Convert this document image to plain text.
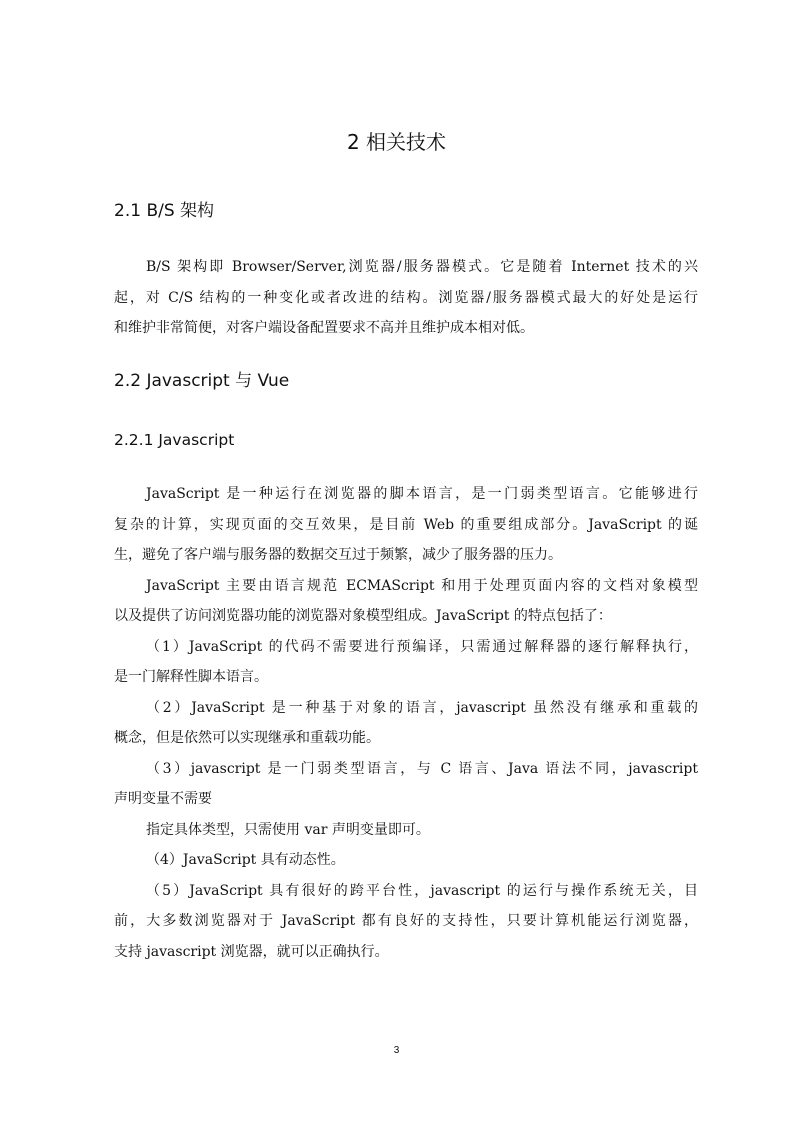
2 相关技术
2.1 B/S 架构
B/S 架构即 Browser/Server,浏览器/服务器模式。它是随着 Internet 技术的兴
起，对 C/S 结构的一种变化或者改进的结构。浏览器/服务器模式最大的好处是运行
和维护非常简便，对客户端设备配置要求不高并且维护成本相对低。
2.2 Javascript 与 Vue
2.2.1 Javascript
JavaScript 是一种运行在浏览器的脚本语言，是一门弱类型语言。它能够进行
复杂的计算，实现页面的交互效果，是目前 Web 的重要组成部分。JavaScript 的诞
生，避免了客户端与服务器的数据交互过于频繁，减少了服务器的压力。
JavaScript 主要由语言规范 ECMAScript 和用于处理页面内容的文档对象模型
以及提供了访问浏览器功能的浏览器对象模型组成。JavaScript 的特点包括了：
（1）JavaScript 的代码不需要进行预编译，只需通过解释器的逐行解释执行，
是一门解释性脚本语言。
（2）JavaScript 是一种基于对象的语言，javascript 虽然没有继承和重载的
概念，但是依然可以实现继承和重载功能。
（3）javascript 是一门弱类型语言，与 C 语言、Java 语法不同，javascript
声明变量不需要
指定具体类型，只需使用 var 声明变量即可。
（4）JavaScript 具有动态性。
（5）JavaScript 具有很好的跨平台性，javascript 的运行与操作系统无关，目
前，大多数浏览器对于 JavaScript 都有良好的支持性，只要计算机能运行浏览器，
支持 javascript 浏览器，就可以正确执行。
3
